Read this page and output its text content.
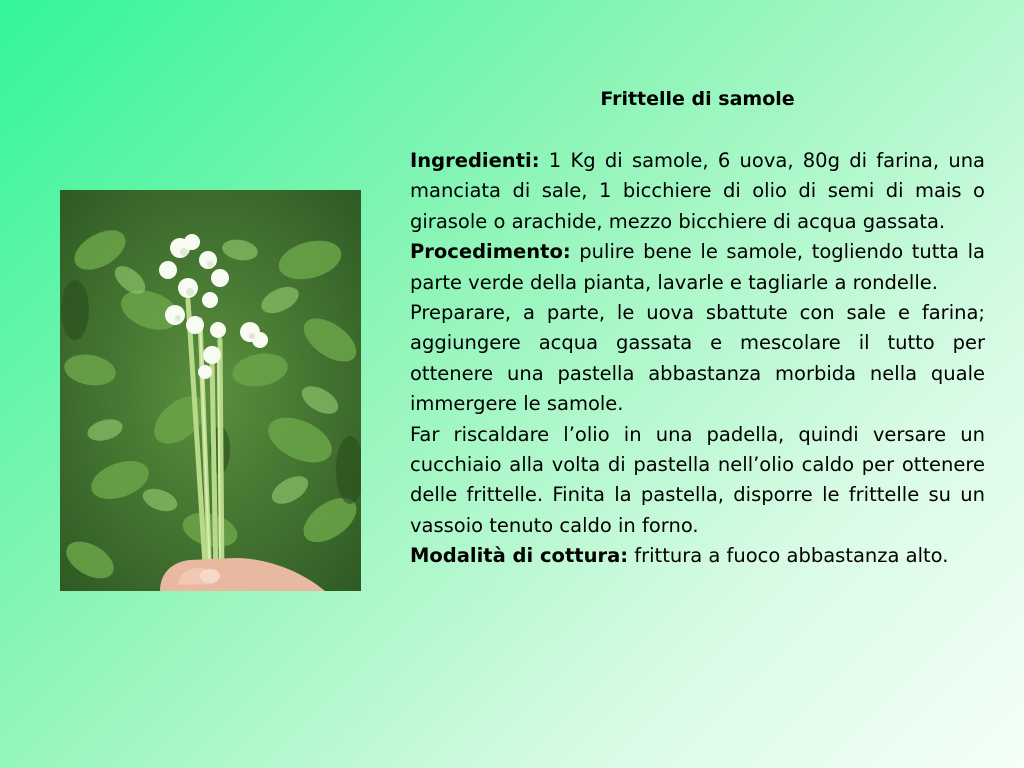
Frittelle di samole

Ingredienti: 1 Kg di samole, 6 uova, 80g di farina, una manciata di sale, 1 bicchiere di olio di semi di mais o girasole o arachide, mezzo bicchiere di acqua gassata.

Procedimento: pulire bene le samole, togliendo tutta la parte verde della pianta, lavarle e tagliarle a rondelle.

Preparare, a parte, le uova sbattute con sale e farina; aggiungere acqua gassata e mescolare il tutto per ottenere una pastella abbastanza morbida nella quale immergere le samole.

Far riscaldare l’olio in una padella, quindi versare un cucchiaio alla volta di pastella nell’olio caldo per ottenere delle frittelle. Finita la pastella, disporre le frittelle su un vassoio tenuto caldo in forno.

Modalità di cottura: frittura a fuoco abbastanza alto.
